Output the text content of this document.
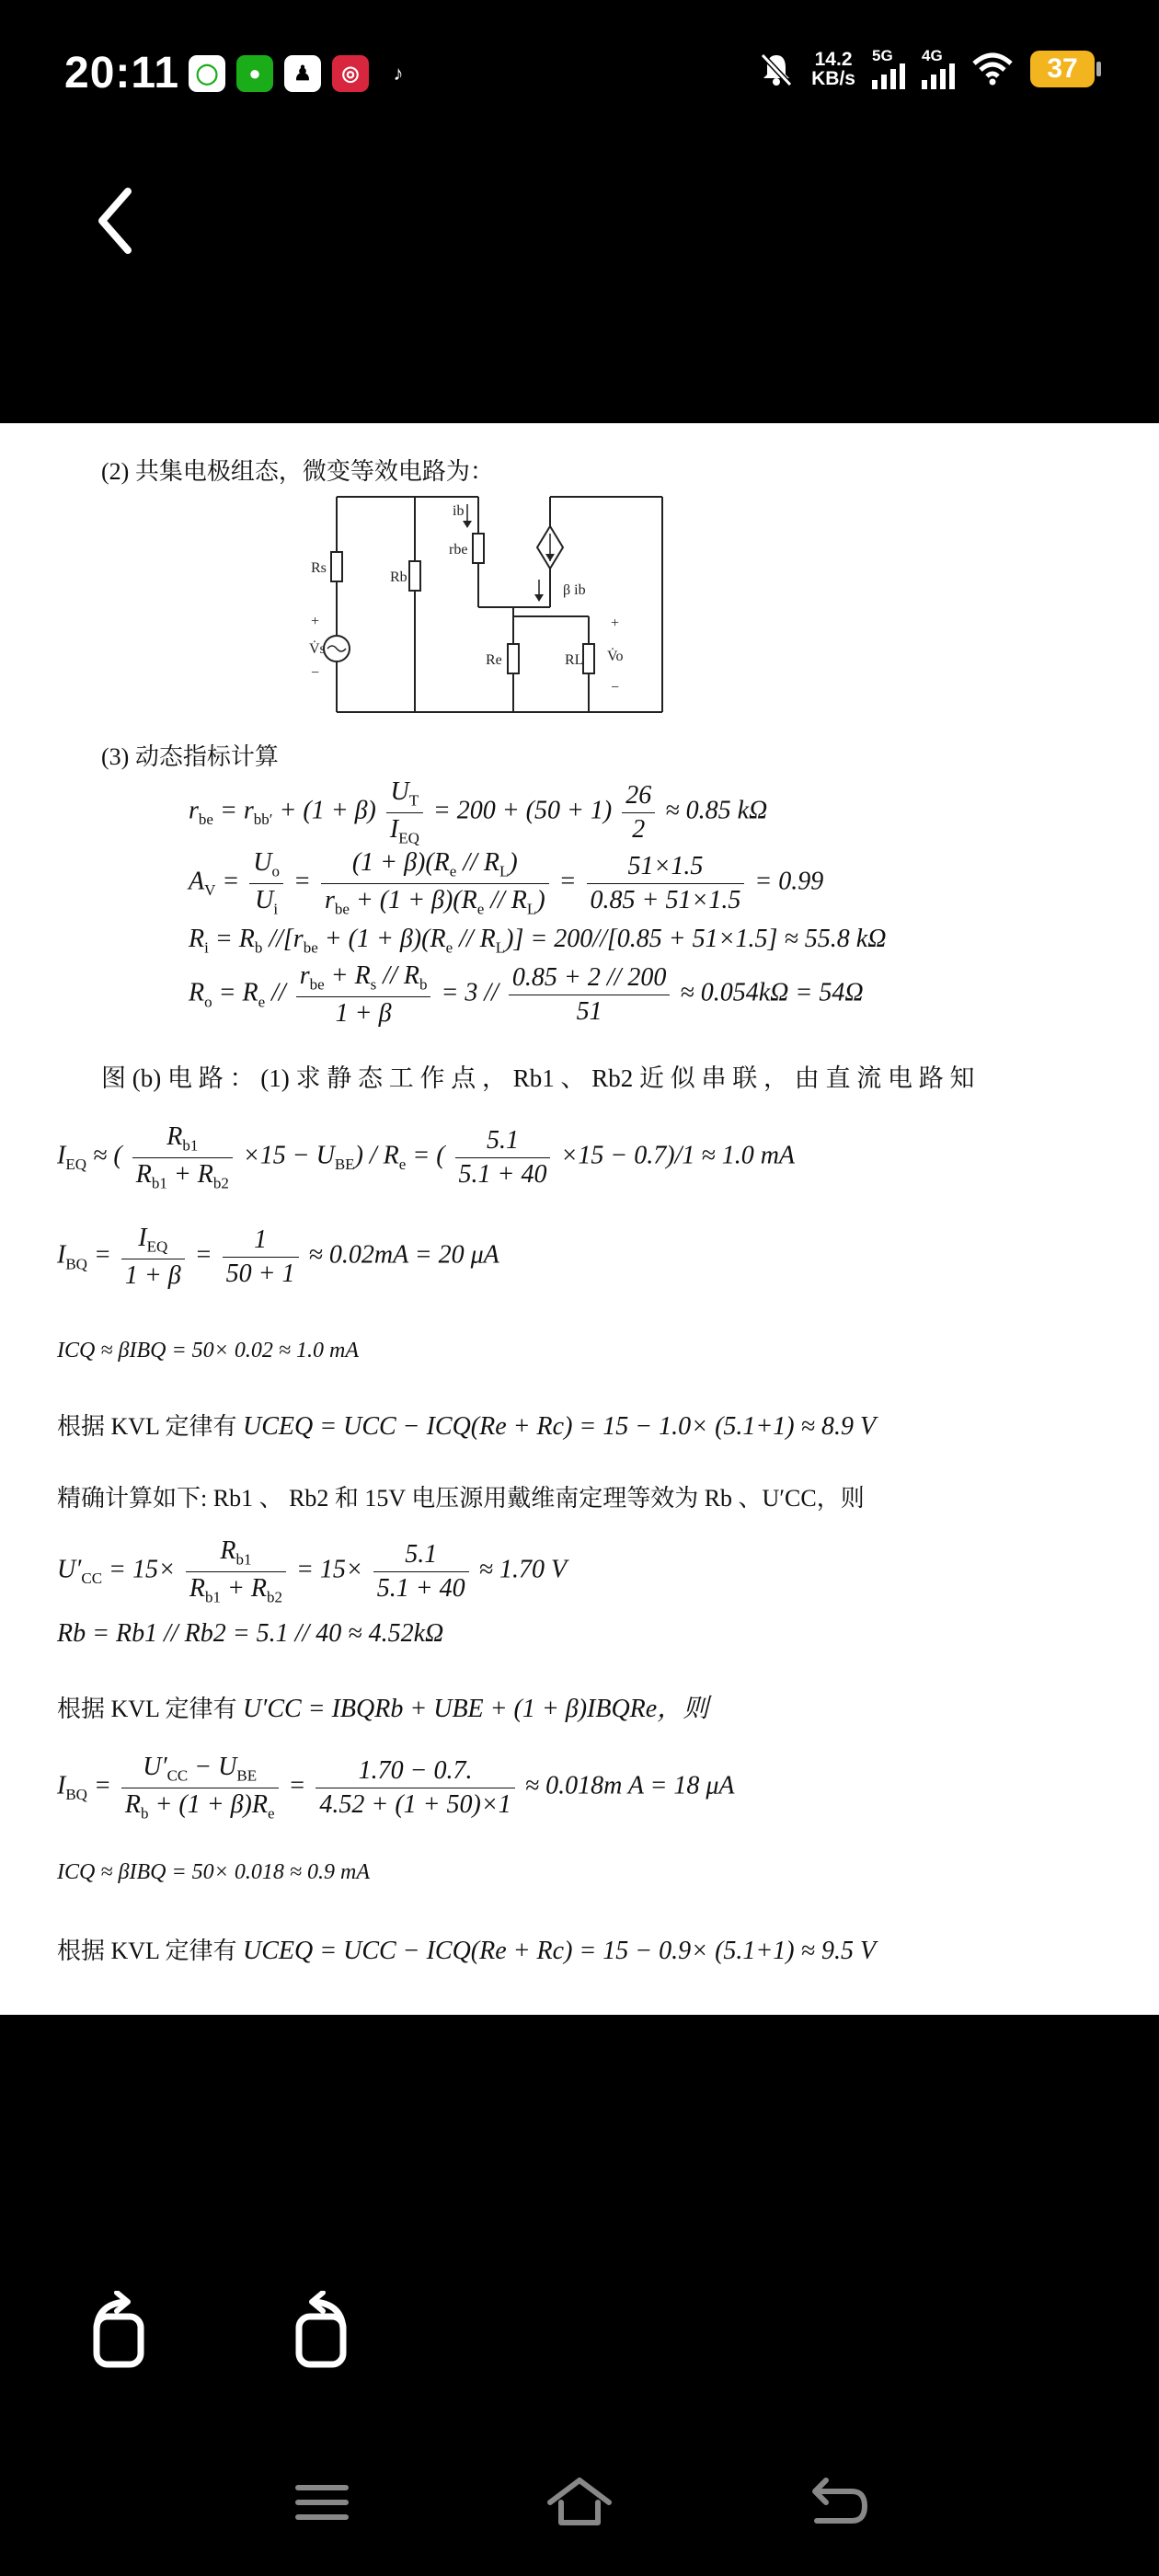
20:11 ◯	●	♟	◎	♪
14.2
KB/s
5G 4G	37
(2) 共集电极组态，微变等效电路为：
Rs
Rb
ib
rbe
β ib
+
V̇s
−
Re	RL
+
V̇o
−
(3) 动态指标计算
$r_{be} = r_{bb'} + (1 + \beta) \frac{U_T}{I_{EQ}} = 200 + (50 + 1) \frac{26}{2} \approx 0.85$ kΩ
$A_V = \frac{U_o}{U_i} = \frac{(1 + \beta)(R_e // R_L)}{r_{be} + (1 + \beta)(R_e // R_L)} = \frac{51\times 1.5}{0.85 + 51\times 1.5} = 0.99$
$R_i = R_b$ $//[r_{be} + (1 + \beta)(R_e // R_L)] = 200//[0.85 + 51\times 1.5] \approx 55.8$ kΩ
$R_o = R_e // \frac{r_{be} + R_s // R_b}{1 + \beta} = 3 // \frac{0.85 + 2 // 200}{51} \approx 0.054k\Omega = 54\Omega$
图 (b) 电 路 ： (1) 求 静 态 工 作 点 ， Rb1 、 Rb2 近 似 串 联 ， 由 直 流 电 路 知
$I_{EQ}$ ≈ ( $\frac{R_{b1}}{R_{b1} + R_{b2}} \times 15 - U_{BE}) / R_e$ = ( $\frac{5.1}{5.1 + 40} \times 15 - 0.7)/1 \approx 1.0$ mA
$I_{BQ} = \frac{I_{EQ}}{1 + \beta} = \frac{1}{50 + 1} \approx 0.02mA = 20$ μA
ICQ ≈ βIBQ = 50× 0.02 ≈ 1.0 mA
根据 KVL 定律有 UCEQ = UCC − ICQ(Re + Rc) = 15 − 1.0× (5.1+1) ≈ 8.9 V
精确计算如下: Rb1 、 Rb2 和 15V 电压源用戴维南定理等效为 Rb 、U′CC，则
$U'_{CC} = 15\times \frac{R_{b1}}{R_{b1} + R_{b2}} = 15\times \frac{5.1}{5.1 + 40} \approx 1.70$ V
Rb = Rb1 // Rb2 = 5.1 // 40 ≈ 4.52kΩ
根据 KVL 定律有 U′CC = IBQRb + UBE + (1 + β)IBQRe，则
$I_{BQ} = \frac{U'_{CC} - U_{BE}}{R_b + (1 + \beta)R_e} = \frac{1.70 - 0.7.}{4.52 + (1 + 50)\times 1} \approx 0.018m$ A = 18 μA
ICQ ≈ βIBQ = 50× 0.018 ≈ 0.9 mA
根据 KVL 定律有 UCEQ = UCC − ICQ(Re + Rc) = 15 − 0.9× (5.1+1) ≈ 9.5 V
